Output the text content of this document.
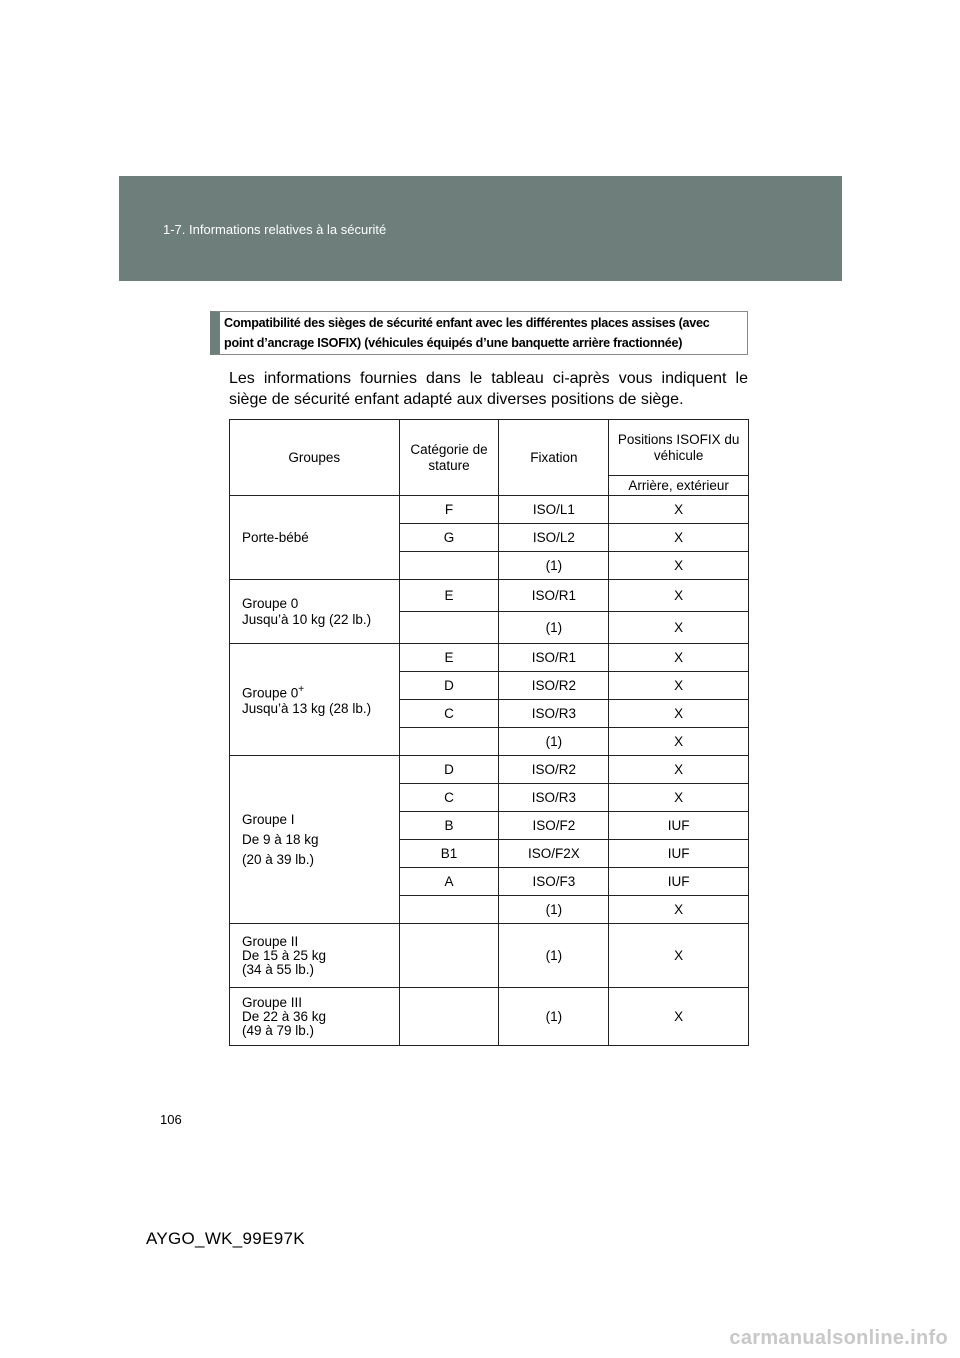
1-7. Informations relatives à la sécurité
Compatibilité des sièges de sécurité enfant avec les différentes places assises (avec
point d’ancrage ISOFIX) (véhicules équipés d’une banquette arrière fractionnée)
Les informations fournies dans le tableau ci-après vous indiquent le siège de sécurité enfant adapté aux diverses positions de siège.
Groupes	Catégorie de stature	Fixation	Positions ISOFIX du véhicule
			Arrière, extérieur

Porte-bébé	F	ISO/L1	X
	G	ISO/L2	X
		(1)	X

Groupe 0
Jusqu’à 10 kg (22 lb.)	E	ISO/R1	X
		(1)	X

Groupe 0+
Jusqu’à 13 kg (28 lb.)	E	ISO/R1	X
	D	ISO/R2	X
	C	ISO/R3	X
		(1)	X

Groupe I
De 9 à 18 kg
(20 à 39 lb.)	D	ISO/R2	X
	C	ISO/R3	X
	B	ISO/F2	IUF
	B1	ISO/F2X	IUF
	A	ISO/F3	IUF
		(1)	X

Groupe II
De 15 à 25 kg
(34 à 55 lb.)		(1)	X

Groupe III
De 22 à 36 kg
(49 à 79 lb.)		(1)	X
106
AYGO_WK_99E97K
carmanualsonline.info
